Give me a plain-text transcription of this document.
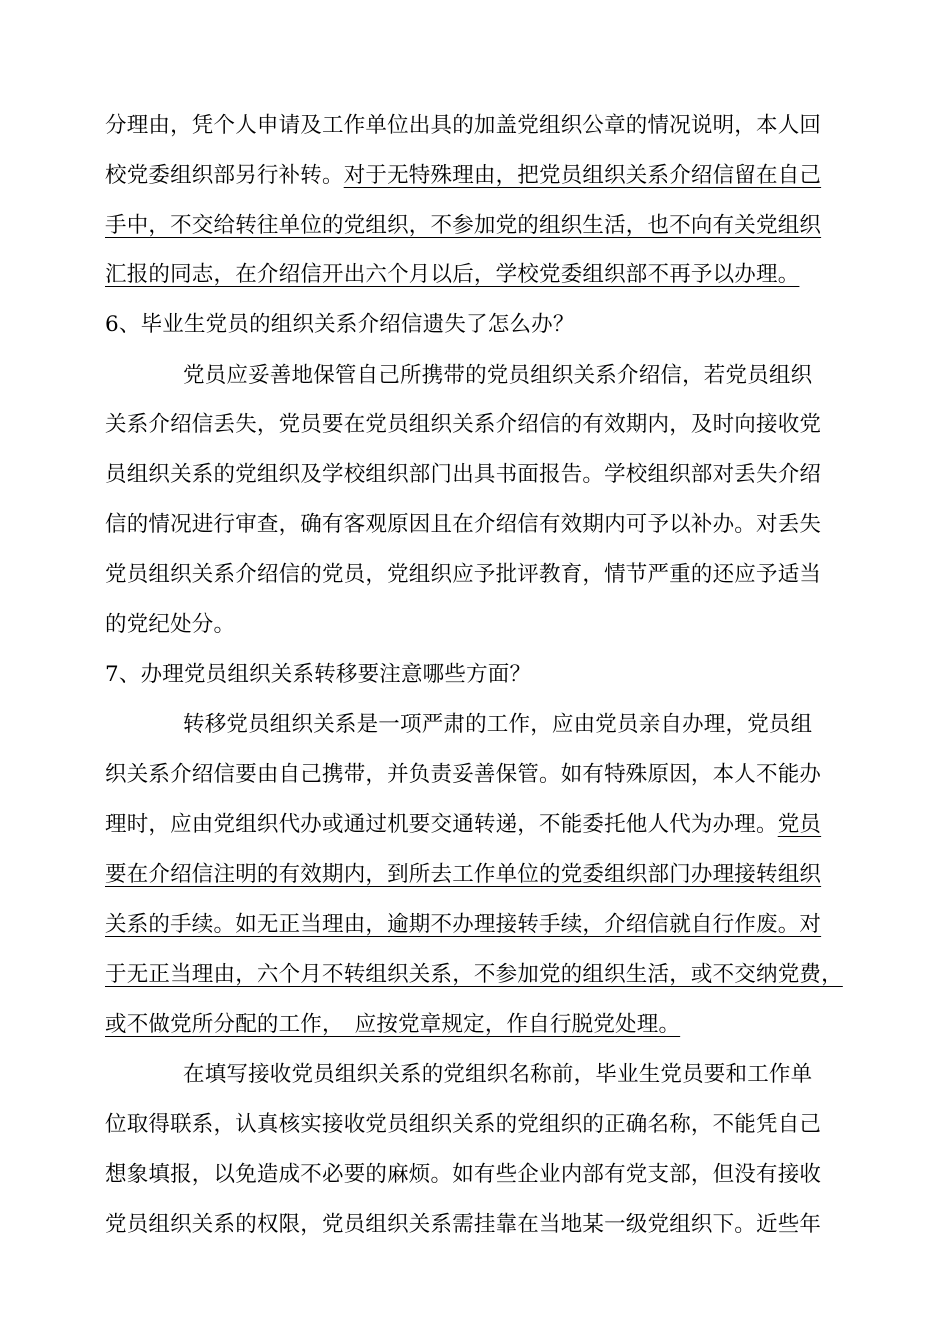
分理由，凭个人申请及工作单位出具的加盖党组织公章的情况说明，本人回
校党委组织部另行补转。对于无特殊理由，把党员组织关系介绍信留在自己
手中，不交给转往单位的党组织，不参加党的组织生活，也不向有关党组织
汇报的同志，在介绍信开出六个月以后，学校党委组织部不再予以办理。
6、毕业生党员的组织关系介绍信遗失了怎么办？
党员应妥善地保管自己所携带的党员组织关系介绍信，若党员组织
关系介绍信丢失，党员要在党员组织关系介绍信的有效期内，及时向接收党
员组织关系的党组织及学校组织部门出具书面报告。学校组织部对丢失介绍
信的情况进行审查，确有客观原因且在介绍信有效期内可予以补办。对丢失
党员组织关系介绍信的党员，党组织应予批评教育，情节严重的还应予适当
的党纪处分。
7、办理党员组织关系转移要注意哪些方面？
转移党员组织关系是一项严肃的工作，应由党员亲自办理，党员组
织关系介绍信要由自己携带，并负责妥善保管。如有特殊原因，本人不能办
理时，应由党组织代办或通过机要交通转递，不能委托他人代为办理。党员
要在介绍信注明的有效期内，到所去工作单位的党委组织部门办理接转组织
关系的手续。如无正当理由，逾期不办理接转手续，介绍信就自行作废。对
于无正当理由，六个月不转组织关系，不参加党的组织生活，或不交纳党费，
或不做党所分配的工作，　应按党章规定，作自行脱党处理。
在填写接收党员组织关系的党组织名称前，毕业生党员要和工作单
位取得联系，认真核实接收党员组织关系的党组织的正确名称，不能凭自己
想象填报，以免造成不必要的麻烦。如有些企业内部有党支部，但没有接收
党员组织关系的权限，党员组织关系需挂靠在当地某一级党组织下。近些年
